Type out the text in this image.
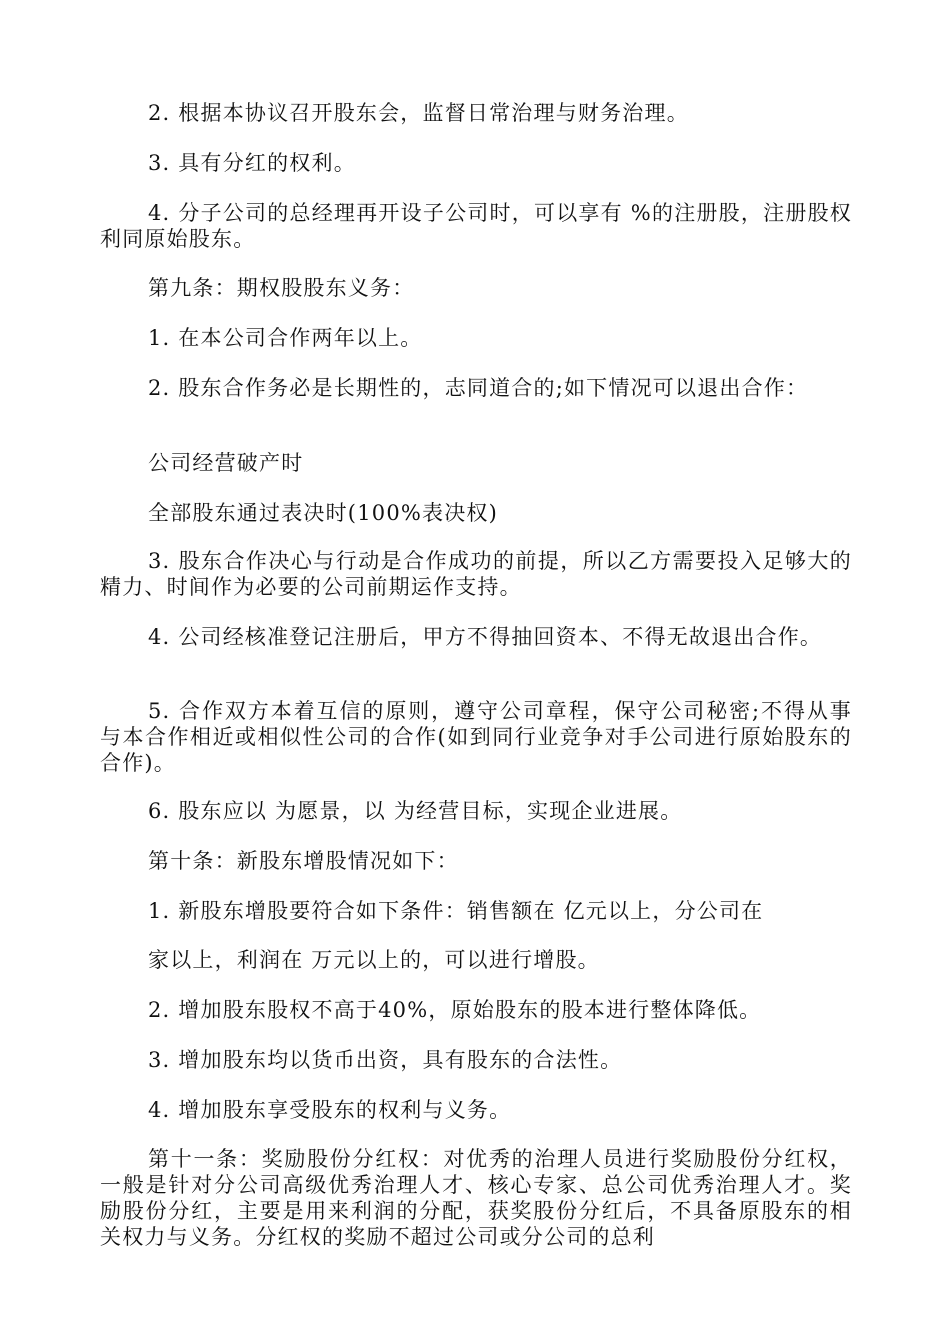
2. 根据本协议召开股东会，监督日常治理与财务治理。

3. 具有分红的权利。

4. 分子公司的总经理再开设子公司时，可以享有 %的注册股，注册股权利同原始股东。

第九条：期权股股东义务：

1. 在本公司合作两年以上。

2. 股东合作务必是长期性的，志同道合的;如下情况可以退出合作：

公司经营破产时

全部股东通过表决时(100%表决权)

3. 股东合作决心与行动是合作成功的前提，所以乙方需要投入足够大的精力、时间作为必要的公司前期运作支持。

4. 公司经核准登记注册后，甲方不得抽回资本、不得无故退出合作。

5. 合作双方本着互信的原则，遵守公司章程，保守公司秘密;不得从事与本合作相近或相似性公司的合作(如到同行业竞争对手公司进行原始股东的合作)。

6. 股东应以 为愿景，以 为经营目标，实现企业进展。

第十条：新股东增股情况如下：

1. 新股东增股要符合如下条件：销售额在 亿元以上，分公司在

家以上，利润在 万元以上的，可以进行增股。

2. 增加股东股权不高于40%，原始股东的股本进行整体降低。

3. 增加股东均以货币出资，具有股东的合法性。

4. 增加股东享受股东的权利与义务。

第十一条：奖励股份分红权：对优秀的治理人员进行奖励股份分红权，一般是针对分公司高级优秀治理人才、核心专家、总公司优秀治理人才。奖励股份分红，主要是用来利润的分配，获奖股份分红后，不具备原股东的相关权力与义务。分红权的奖励不超过公司或分公司的总利
